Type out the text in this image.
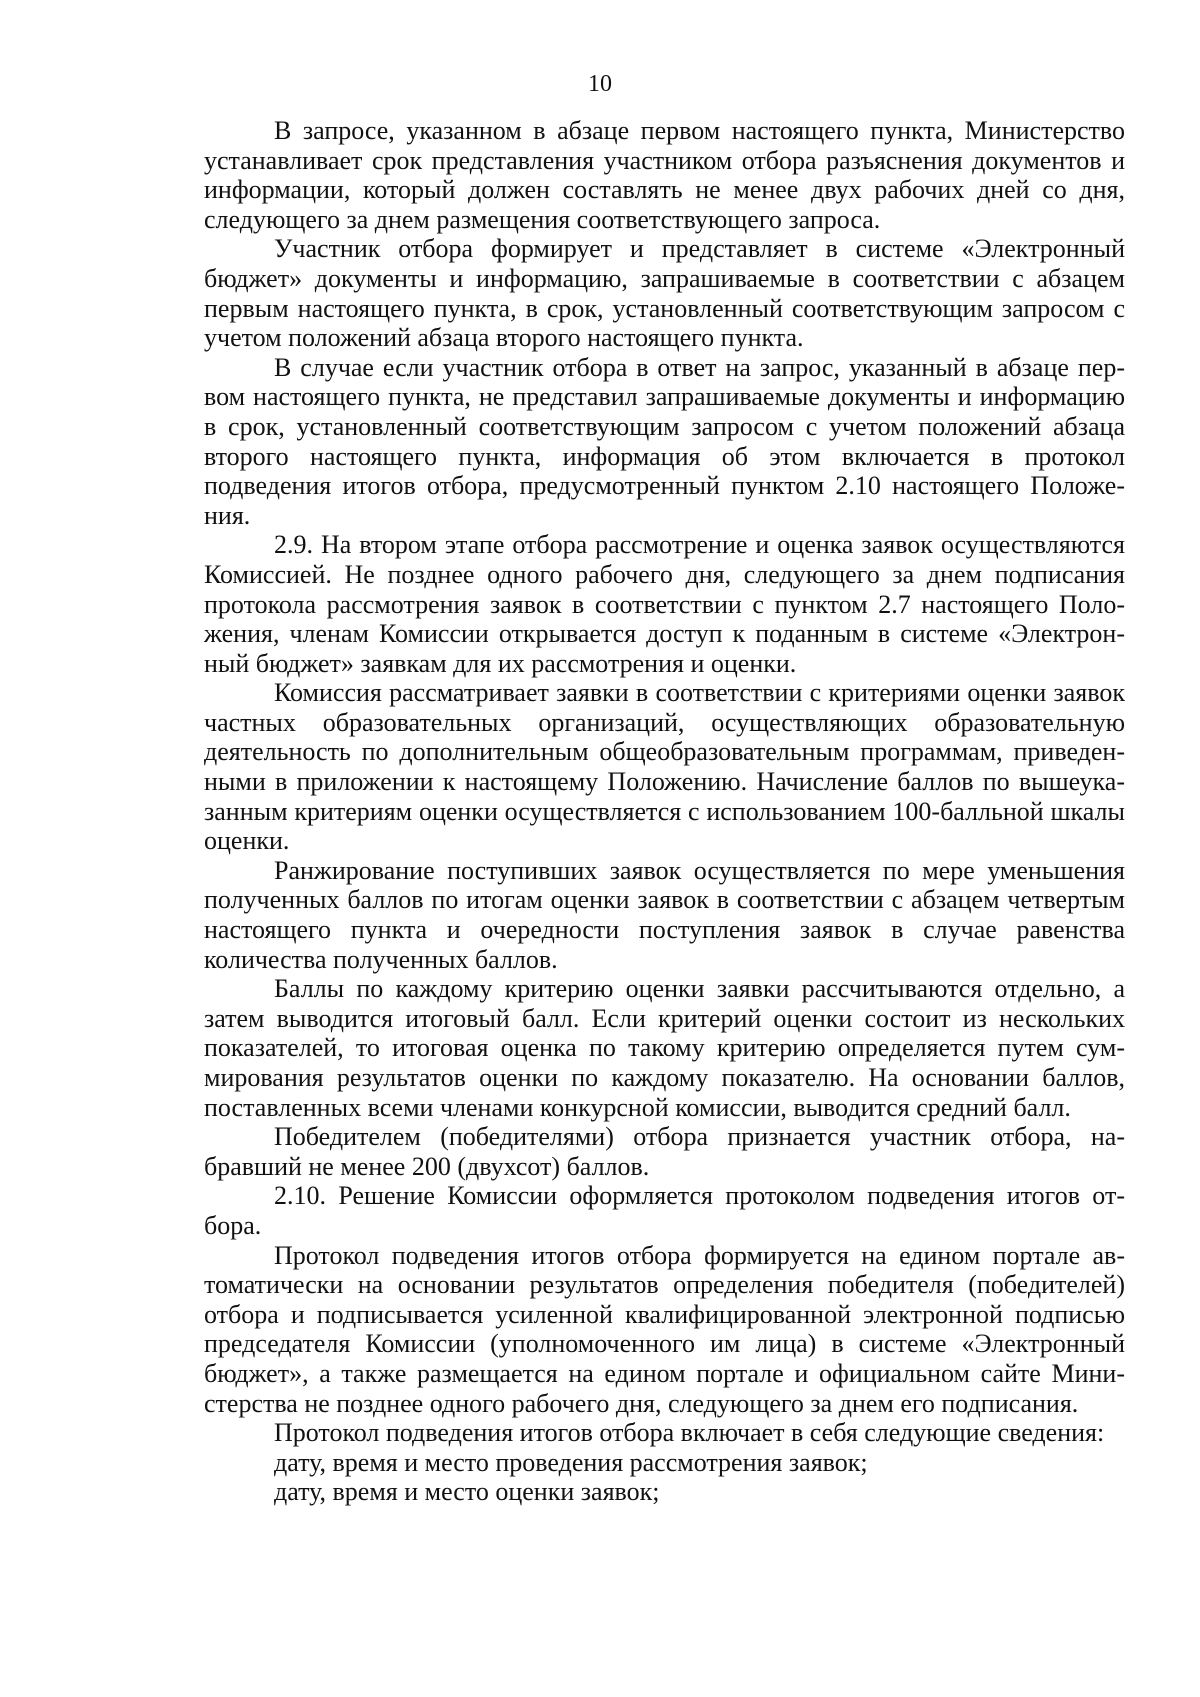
10

В запросе, указанном в абзаце первом настоящего пункта, Министерство устанавливает срок представления участником отбора разъяснения документов и информации, который должен составлять не менее двух рабочих дней со дня, следующего за днем размещения соответствующего запроса.

Участник отбора формирует и представляет в системе «Электронный бюджет» документы и информацию, запрашиваемые в соответствии с абзацем первым настоящего пункта, в срок, установленный соответствующим запросом с учетом положений абзаца второго настоящего пункта.

В случае если участник отбора в ответ на запрос, указанный в абзаце первом настоящего пункта, не представил запрашиваемые документы и информацию в срок, установленный соответствующим запросом с учетом положений абзаца второго настоящего пункта, информация об этом включается в протокол подведения итогов отбора, предусмотренный пунктом 2.10 настоящего Положения.

2.9. На втором этапе отбора рассмотрение и оценка заявок осуществляются Комиссией. Не позднее одного рабочего дня, следующего за днем подписания протокола рассмотрения заявок в соответствии с пунктом 2.7 настоящего Положения, членам Комиссии открывается доступ к поданным в системе «Электронный бюджет» заявкам для их рассмотрения и оценки.

Комиссия рассматривает заявки в соответствии с критериями оценки заявок частных образовательных организаций, осуществляющих образовательную деятельность по дополнительным общеобразовательным программам, приведенными в приложении к настоящему Положению. Начисление баллов по вышеуказанным критериям оценки осуществляется с использованием 100-балльной шкалы оценки.

Ранжирование поступивших заявок осуществляется по мере уменьшения полученных баллов по итогам оценки заявок в соответствии с абзацем четвертым настоящего пункта и очередности поступления заявок в случае равенства количества полученных баллов.

Баллы по каждому критерию оценки заявки рассчитываются отдельно, а затем выводится итоговый балл. Если критерий оценки состоит из нескольких показателей, то итоговая оценка по такому критерию определяется путем суммирования результатов оценки по каждому показателю. На основании баллов, поставленных всеми членами конкурсной комиссии, выводится средний балл.

Победителем (победителями) отбора признается участник отбора, набравший не менее 200 (двухсот) баллов.

2.10. Решение Комиссии оформляется протоколом подведения итогов отбора.

Протокол подведения итогов отбора формируется на едином портале автоматически на основании результатов определения победителя (победителей) отбора и подписывается усиленной квалифицированной электронной подписью председателя Комиссии (уполномоченного им лица) в системе «Электронный бюджет», а также размещается на едином портале и официальном сайте Министерства не позднее одного рабочего дня, следующего за днем его подписания.

Протокол подведения итогов отбора включает в себя следующие сведения:

дату, время и место проведения рассмотрения заявок;

дату, время и место оценки заявок;
